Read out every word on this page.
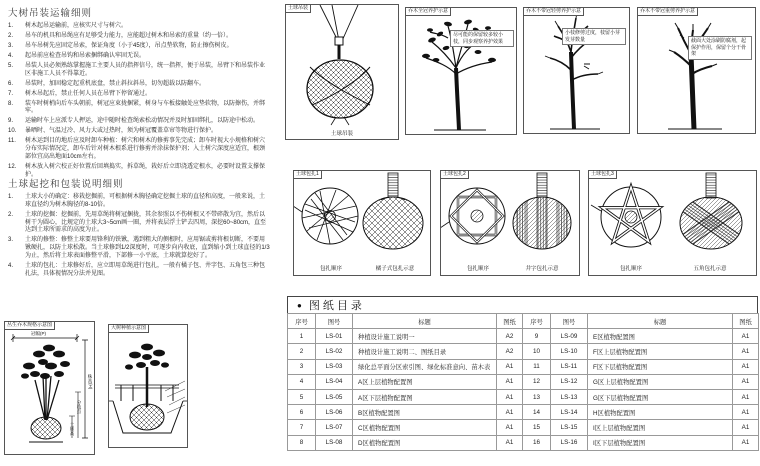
大树吊装运输细则
1.	树木起吊运输前，应核实尺寸与树穴。
2.	吊车的机具和吊绳应有足够受力能力，应能超过树木和吊索的重量（约一倍）。
3.	吊车吊树先应固定吊索，保证角度（小于45度），吊点垫软物，防止擦伤树皮。
4.	起吊前应检查吊钩和吊索捆绑确认牢固无误。
5.	吊装人员必须熟练掌握施工主要人员的指挥信号，统一指挥，便于吊装，吊臂下和吊装作业区非施工人员不得靠近。
6.	吊装时，加固稳定起重机底盘，禁止斜拉斜吊，切勿超载以防翻车。
7.	树木吊起后，禁止任何人员在吊臂下停留通过。
8.	装车时树梢向后车头朝前，树冠应束拢捆紧，树身与车板接触处应垫软物，以防擦伤，并绑牢。
9.	运输时车上应派专人押运，途中随时检查绳索松动情况并及时加固绑扎，以防途中松动。
10.	暴晒时、气温过冷、风力大或过热时，须为树冠覆盖草帘等物进行保护。
11.	树木运到目的地后应及时卸车种植：树穴和树木的修剪事先完成；卸车时视大小规格和树穴分布实际情况定，卸车后针对树木根系进行修剪并涂抹保护剂；入土树穴深度应适宜，根颈部位宜高出地面10cm左右。
12.	树木放入树穴校正好位置后回填捣实，拆草绳，栽好后立即浇透定根水，必要时设置支撑保护。
土球起挖和包装说明细则
1.	土球大小的确定：移栽挖掘前，可根据树木胸径确定挖掘土球的直径和高度，一般来说，土球直径约为树木胸径的8-10倍。
2.	土球的挖掘：挖掘前，先用草绳将树冠捆拢，其余参照以不伤树根又不带碎散为宜，然后以树干为圆心，比规定的土球大3~5cm画一圈，并将表层浮土铲去四周，深挖60~80cm，直至达到土球所需求的高度为止。
3.	土球的修整：修整土球要用锋利的铁锹，遇到粗大的侧根时，应用锯或剪将根切断，不要用锹硬扎，以防土球松散。当土球修到1/2深度时，可逐步向内收底，直到缩小到土球直径的1/3为止，然后将土球表面修整平滑，下部修一小平底，土球就算挖好了。
4.	土球的包扎：土球修好后，应立即用草绳进行包扎，一般有橘子包、井字包、五角包三种包扎法，具体视情况分法并见图。
土球吊装
土球吊装
乔木全冠养护示意
尽可能的保留较多较小枝，同步观察养护效果
乔木不带冠轻剪养护示意
小枝修剪过度，枝留小芽发芽数量
乔木不带冠重剪养护示意
截面大处涂刷防腐剂，起保护作用，保留个分干骨架
土球包扎1
包扎顺序	橘子式包扎示意
土球包扎2
包扎顺序	井字包扎示意
土球包扎3
包扎顺序	五角包扎示意
丛生乔木规格示意图
冠幅(P)
株高(H)
分枝点
土球高
大树种植示意图
● 图纸目录
序号	图号	标题	图纸	序号	图号	标题	图纸
1	LS-01	种植设计施工说明一	A2	9	LS-09	E区植物配置图	A1
2	LS-02	种植设计施工说明二、图纸目录	A2	10	LS-10	F区上层植物配置图	A1
3	LS-03	绿化总平面分区索引图、绿化标准意向、苗木表	A1	11	LS-11	F区下层植物配置图	A1
4	LS-04	A区上层植物配置图	A1	12	LS-12	G区上层植物配置图	A1
5	LS-05	A区下层植物配置图	A1	13	LS-13	G区下层植物配置图	A1
6	LS-06	B区植物配置图	A1	14	LS-14	H区植物配置图	A1
7	LS-07	C区植物配置图	A1	15	LS-15	I区上层植物配置图	A1
8	LS-08	D区植物配置图	A1	16	LS-16	I区下层植物配置图	A1
